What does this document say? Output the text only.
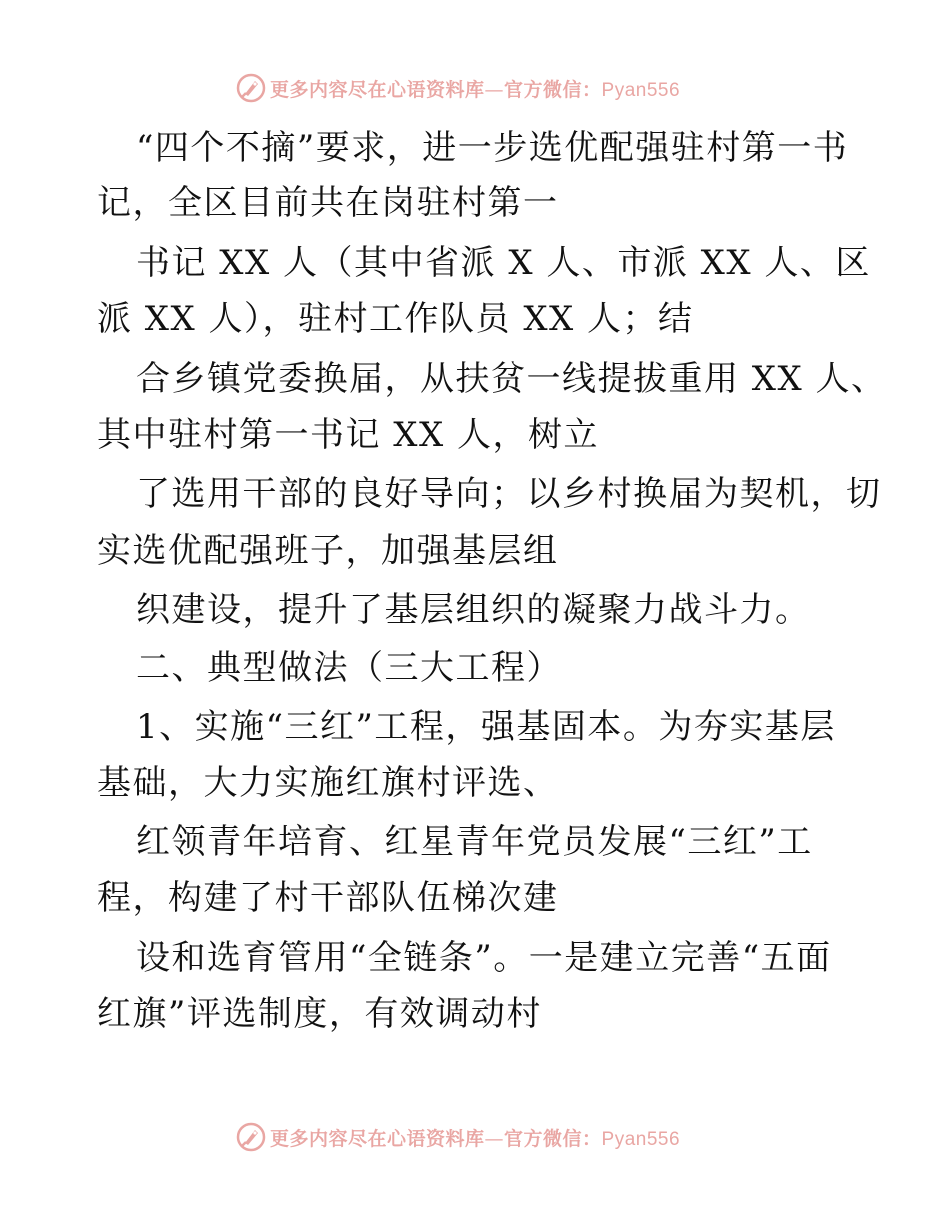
更多内容尽在心语资料库—官方微信：Pyan556
“四个不摘”要求，进一步选优配强驻村第一书
记，全区目前共在岗驻村第一
书记 XX 人（其中省派 X 人、市派 XX 人、区
派 XX 人），驻村工作队员 XX 人；结
合乡镇党委换届，从扶贫一线提拔重用 XX 人、
其中驻村第一书记 XX 人，树立
了选用干部的良好导向；以乡村换届为契机，切
实选优配强班子，加强基层组
织建设，提升了基层组织的凝聚力战斗力。
二、典型做法（三大工程）
1、实施“三红”工程，强基固本。为夯实基层
基础，大力实施红旗村评选、
红领青年培育、红星青年党员发展“三红”工
程，构建了村干部队伍梯次建
设和选育管用“全链条”。一是建立完善“五面
红旗”评选制度，有效调动村
更多内容尽在心语资料库—官方微信：Pyan556
